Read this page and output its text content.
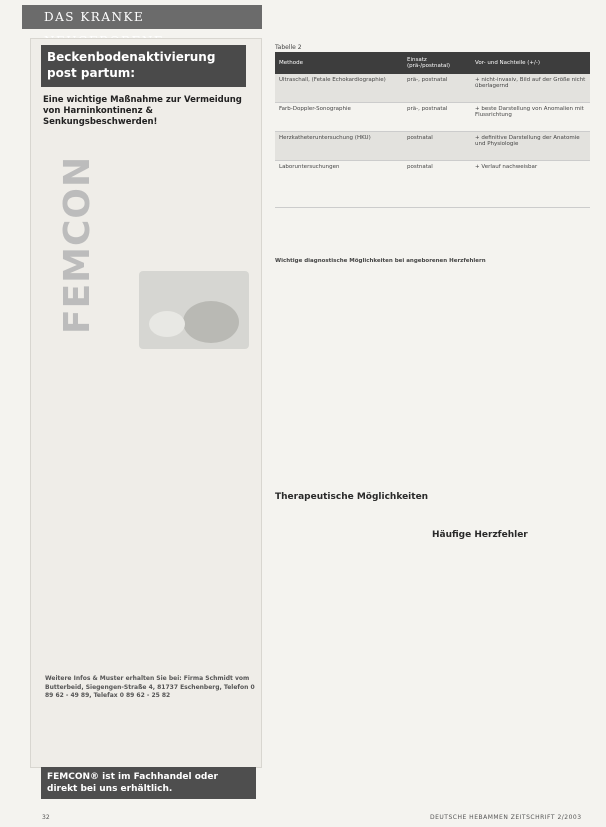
DAS KRANKE
Beckenbodenaktivierung post partum:
Eine wichtige Maßnahme zur Vermeidung von Harninkontinenz & Senkungsbeschwerden!
FEMCON
Weitere Infos & Muster erhalten Sie bei: Firma Schmidt vom Butterbeid, Siegengen-Straße 4, 81737 Eschenberg, Telefon 0 89 62 - 49 89, Telefax 0 89 62 - 25 82
FEMCON® ist im Fachhandel oder direkt bei uns erhältlich.
Tabelle 2
Methode	Einsatz (prä-/postnatal)	Vor- und Nachteile (+/-)
Ultraschall, (Fetale Echokardiographie)	prä-, postnatal	+ nicht-invasiv, Bild auf der Größe nicht überlagernd
Farb-Doppler-Sonographie	prä-, postnatal	+ beste Darstellung von Anomalien mit Flussrichtung
Herzkatheteruntersuchung (HKU)	postnatal	+ definitive Darstellung der Anatomie und Physiologie
Laboruntersuchungen	postnatal	+ Verlauf nachweisbar
Wichtige diagnostische Möglichkeiten bei angeborenen Herzfehlern
Therapeutische Möglichkeiten
Häufige Herzfehler
32	DEUTSCHE HEBAMMEN ZEITSCHRIFT 2/2003
